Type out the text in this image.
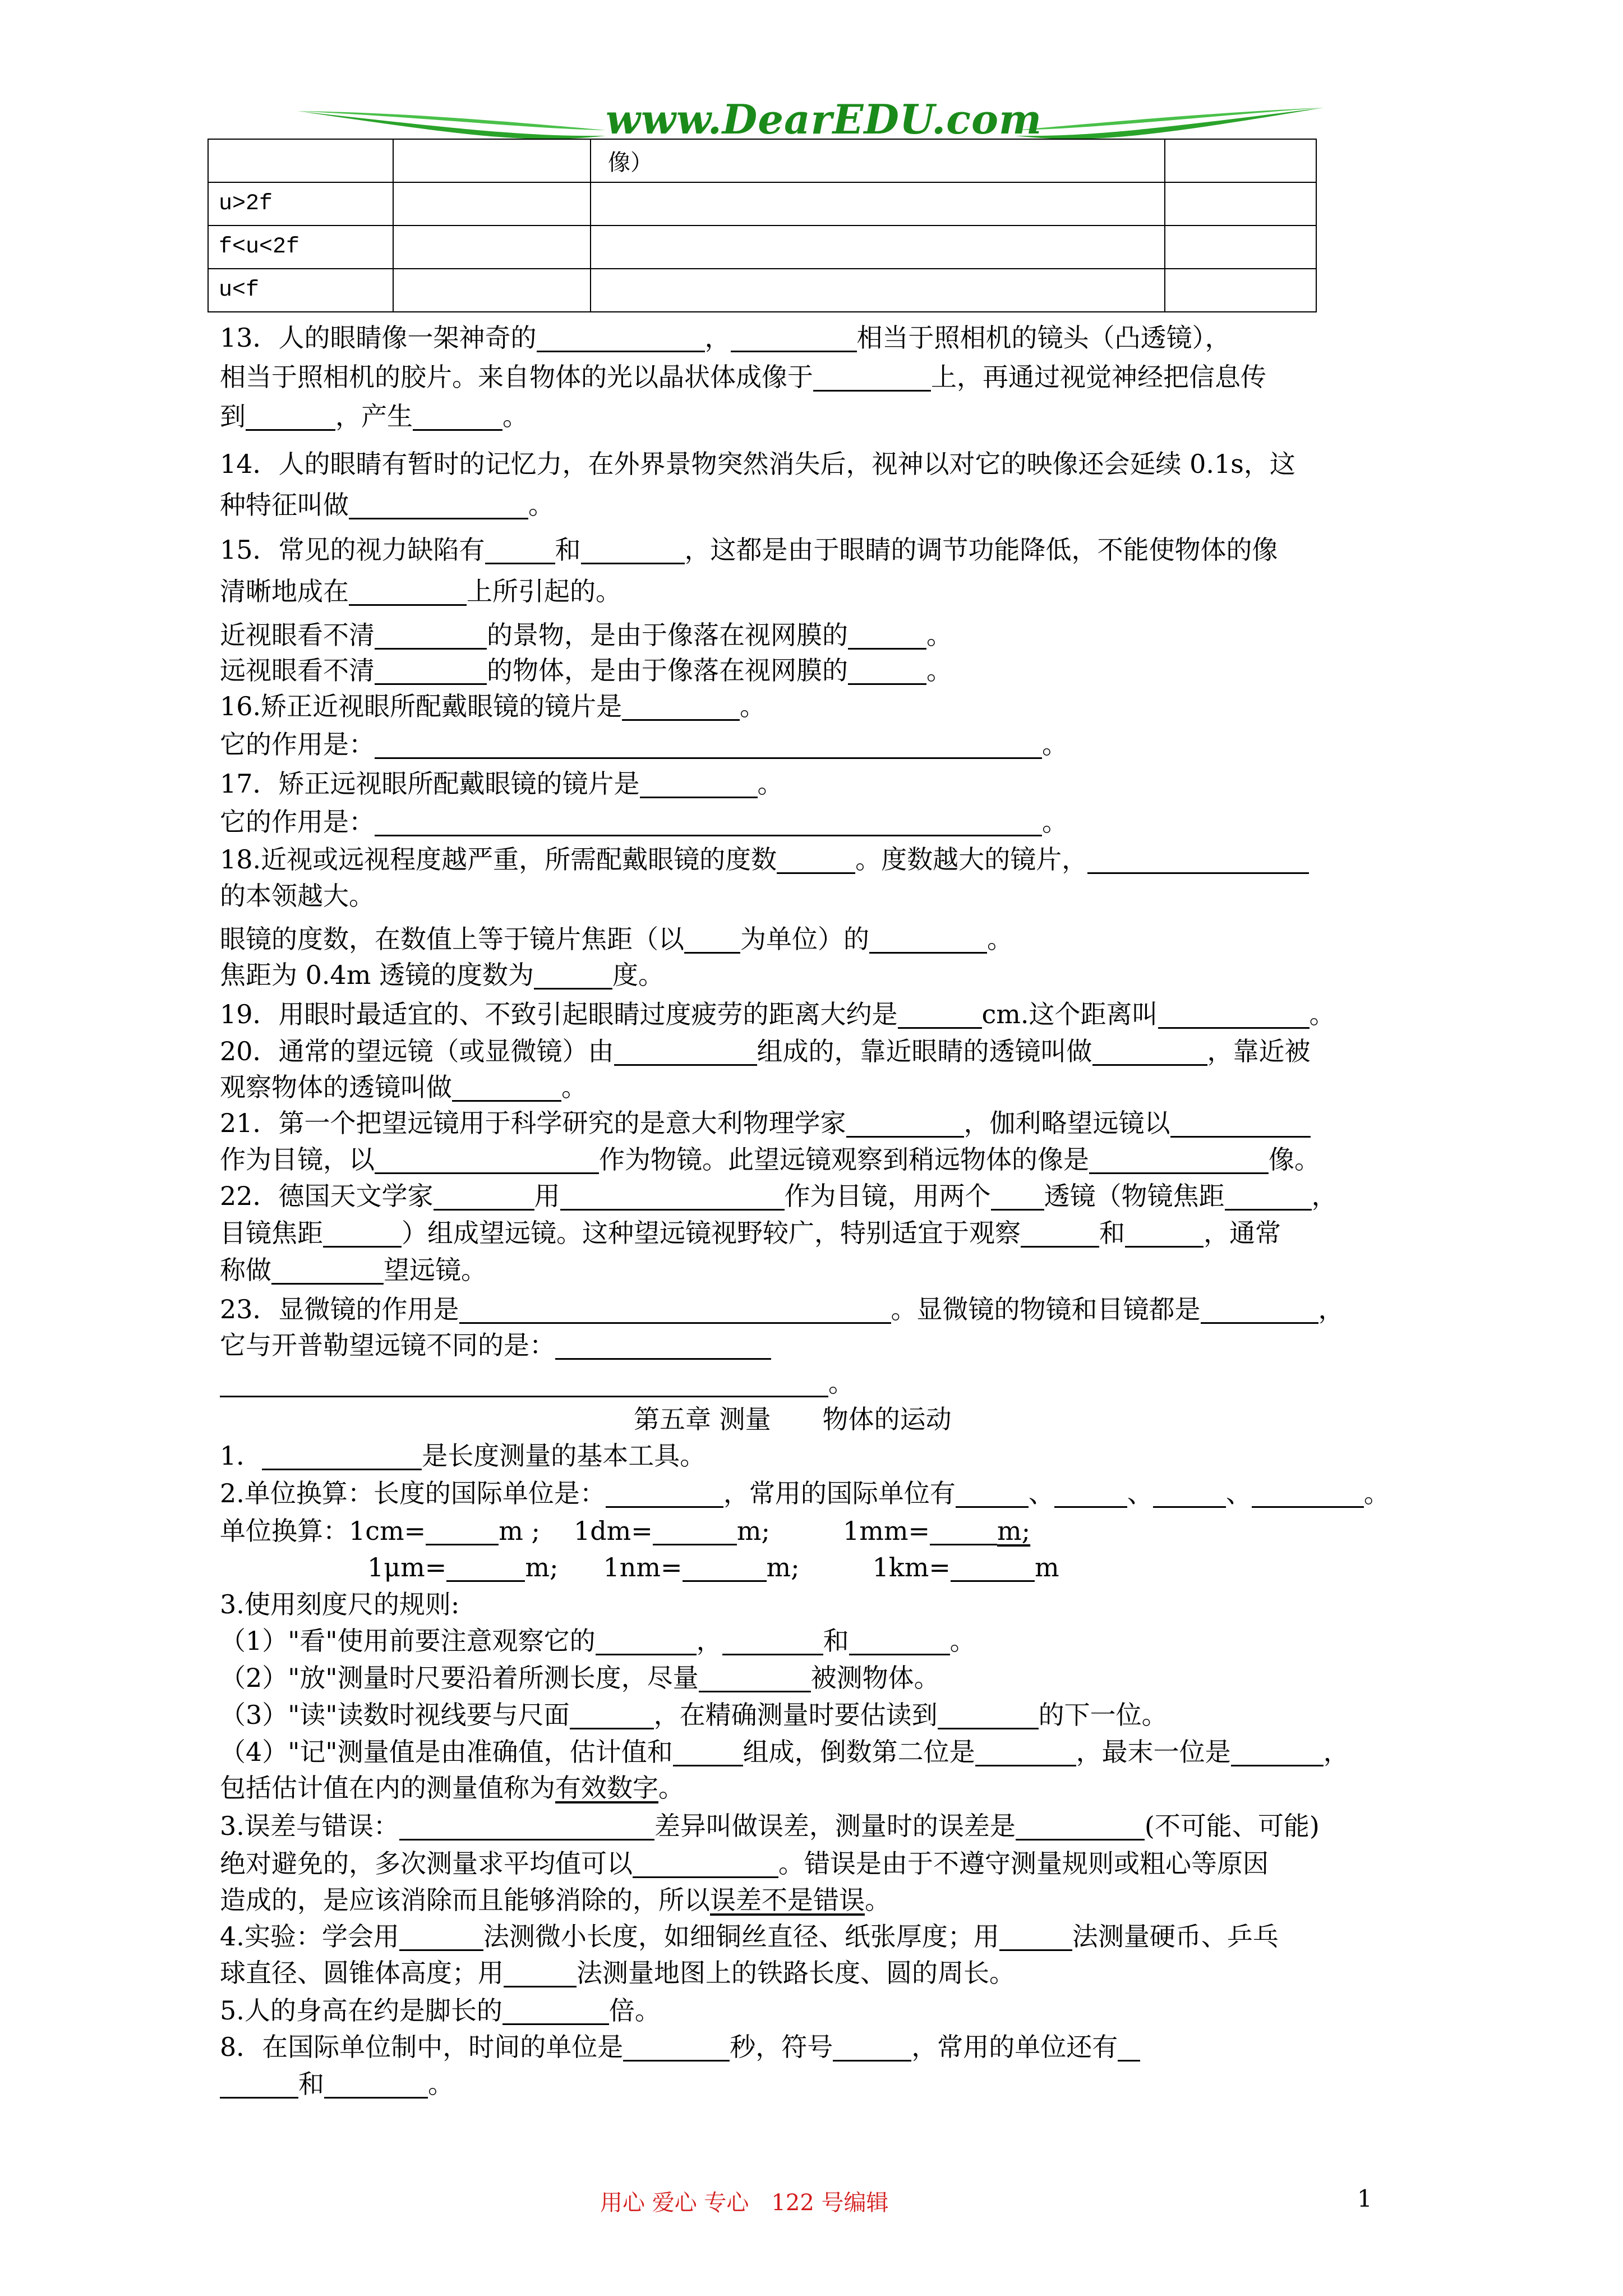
www.DearEDU.com
		像）	
u>2f			
f<u<2f			
u<f			
13．人的眼睛像一架神奇的	，	相当于照相机的镜头（凸透镜），
相当于照相机的胶片。来自物体的光以晶状体成像于	上，再通过视觉神经把信息传
到	，产生	。
14．人的眼睛有暂时的记忆力，在外界景物突然消失后，视神以对它的映像还会延续 0.1s，这
种特征叫做	。
15．常见的视力缺陷有	和	，这都是由于眼睛的调节功能降低，不能使物体的像
清晰地成在	上所引起的。
近视眼看不清	的景物，是由于像落在视网膜的	。
远视眼看不清	的物体，是由于像落在视网膜的	。
16.矫正近视眼所配戴眼镜的镜片是	。
它的作用是：	。
17．矫正远视眼所配戴眼镜的镜片是	。
它的作用是：	。
18.近视或远视程度越严重，所需配戴眼镜的度数	。度数越大的镜片，
的本领越大。
眼镜的度数，在数值上等于镜片焦距（以 为单位）的	。
焦距为 0.4m 透镜的度数为	度。
19．用眼时最适宜的、不致引起眼睛过度疲劳的距离大约是	cm.这个距离叫	。
20．通常的望远镜（或显微镜）由	组成的，靠近眼睛的透镜叫做	，靠近被
观察物体的透镜叫做	。
21．第一个把望远镜用于科学研究的是意大利物理学家	，伽利略望远镜以
作为目镜，以	作为物镜。此望远镜观察到稍远物体的像是	像。
22．德国天文学家	用	作为目镜，用两个 透镜（物镜焦距	，
目镜焦距	）组成望远镜。这种望远镜视野较广，特别适宜于观察	和	，通常
称做	望远镜。
23．显微镜的作用是	。显微镜的物镜和目镜都是	，
它与开普勒望远镜不同的是：
。
第五章 测量　　物体的运动
1．	是长度测量的基本工具。
2.单位换算：长度的国际单位是：	，常用的国际单位有	、	、	、	。
单位换算：1cm=	m ; 1dm=	m;	1mm=	m;
1μm=	m; 1nm=	m;	1km=	m
3.使用刻度尺的规则:
（1）"看"使用前要注意观察它的	，	和	。
（2）"放"测量时尺要沿着所测长度，尽量	被测物体。
（3）"读"读数时视线要与尺面	，在精确测量时要估读到	的下一位。
（4）"记"测量值是由准确值，估计值和	组成，倒数第二位是	，最末一位是	，
包括估计值在内的测量值称为有效数字。
3.误差与错误：	差异叫做误差，测量时的误差是	(不可能、可能)
绝对避免的，多次测量求平均值可以	。错误是由于不遵守测量规则或粗心等原因
造成的，是应该消除而且能够消除的，所以误差不是错误。
4.实验：学会用	法测微小长度，如细铜丝直径、纸张厚度；用	法测量硬币、乒乓
球直径、圆锥体高度；用	法测量地图上的铁路长度、圆的周长。
5.人的身高在约是脚长的	倍。
8．在国际单位制中，时间的单位是	秒，符号	，常用的单位还有
和	。
用心 爱心 专心　122 号编辑	1
